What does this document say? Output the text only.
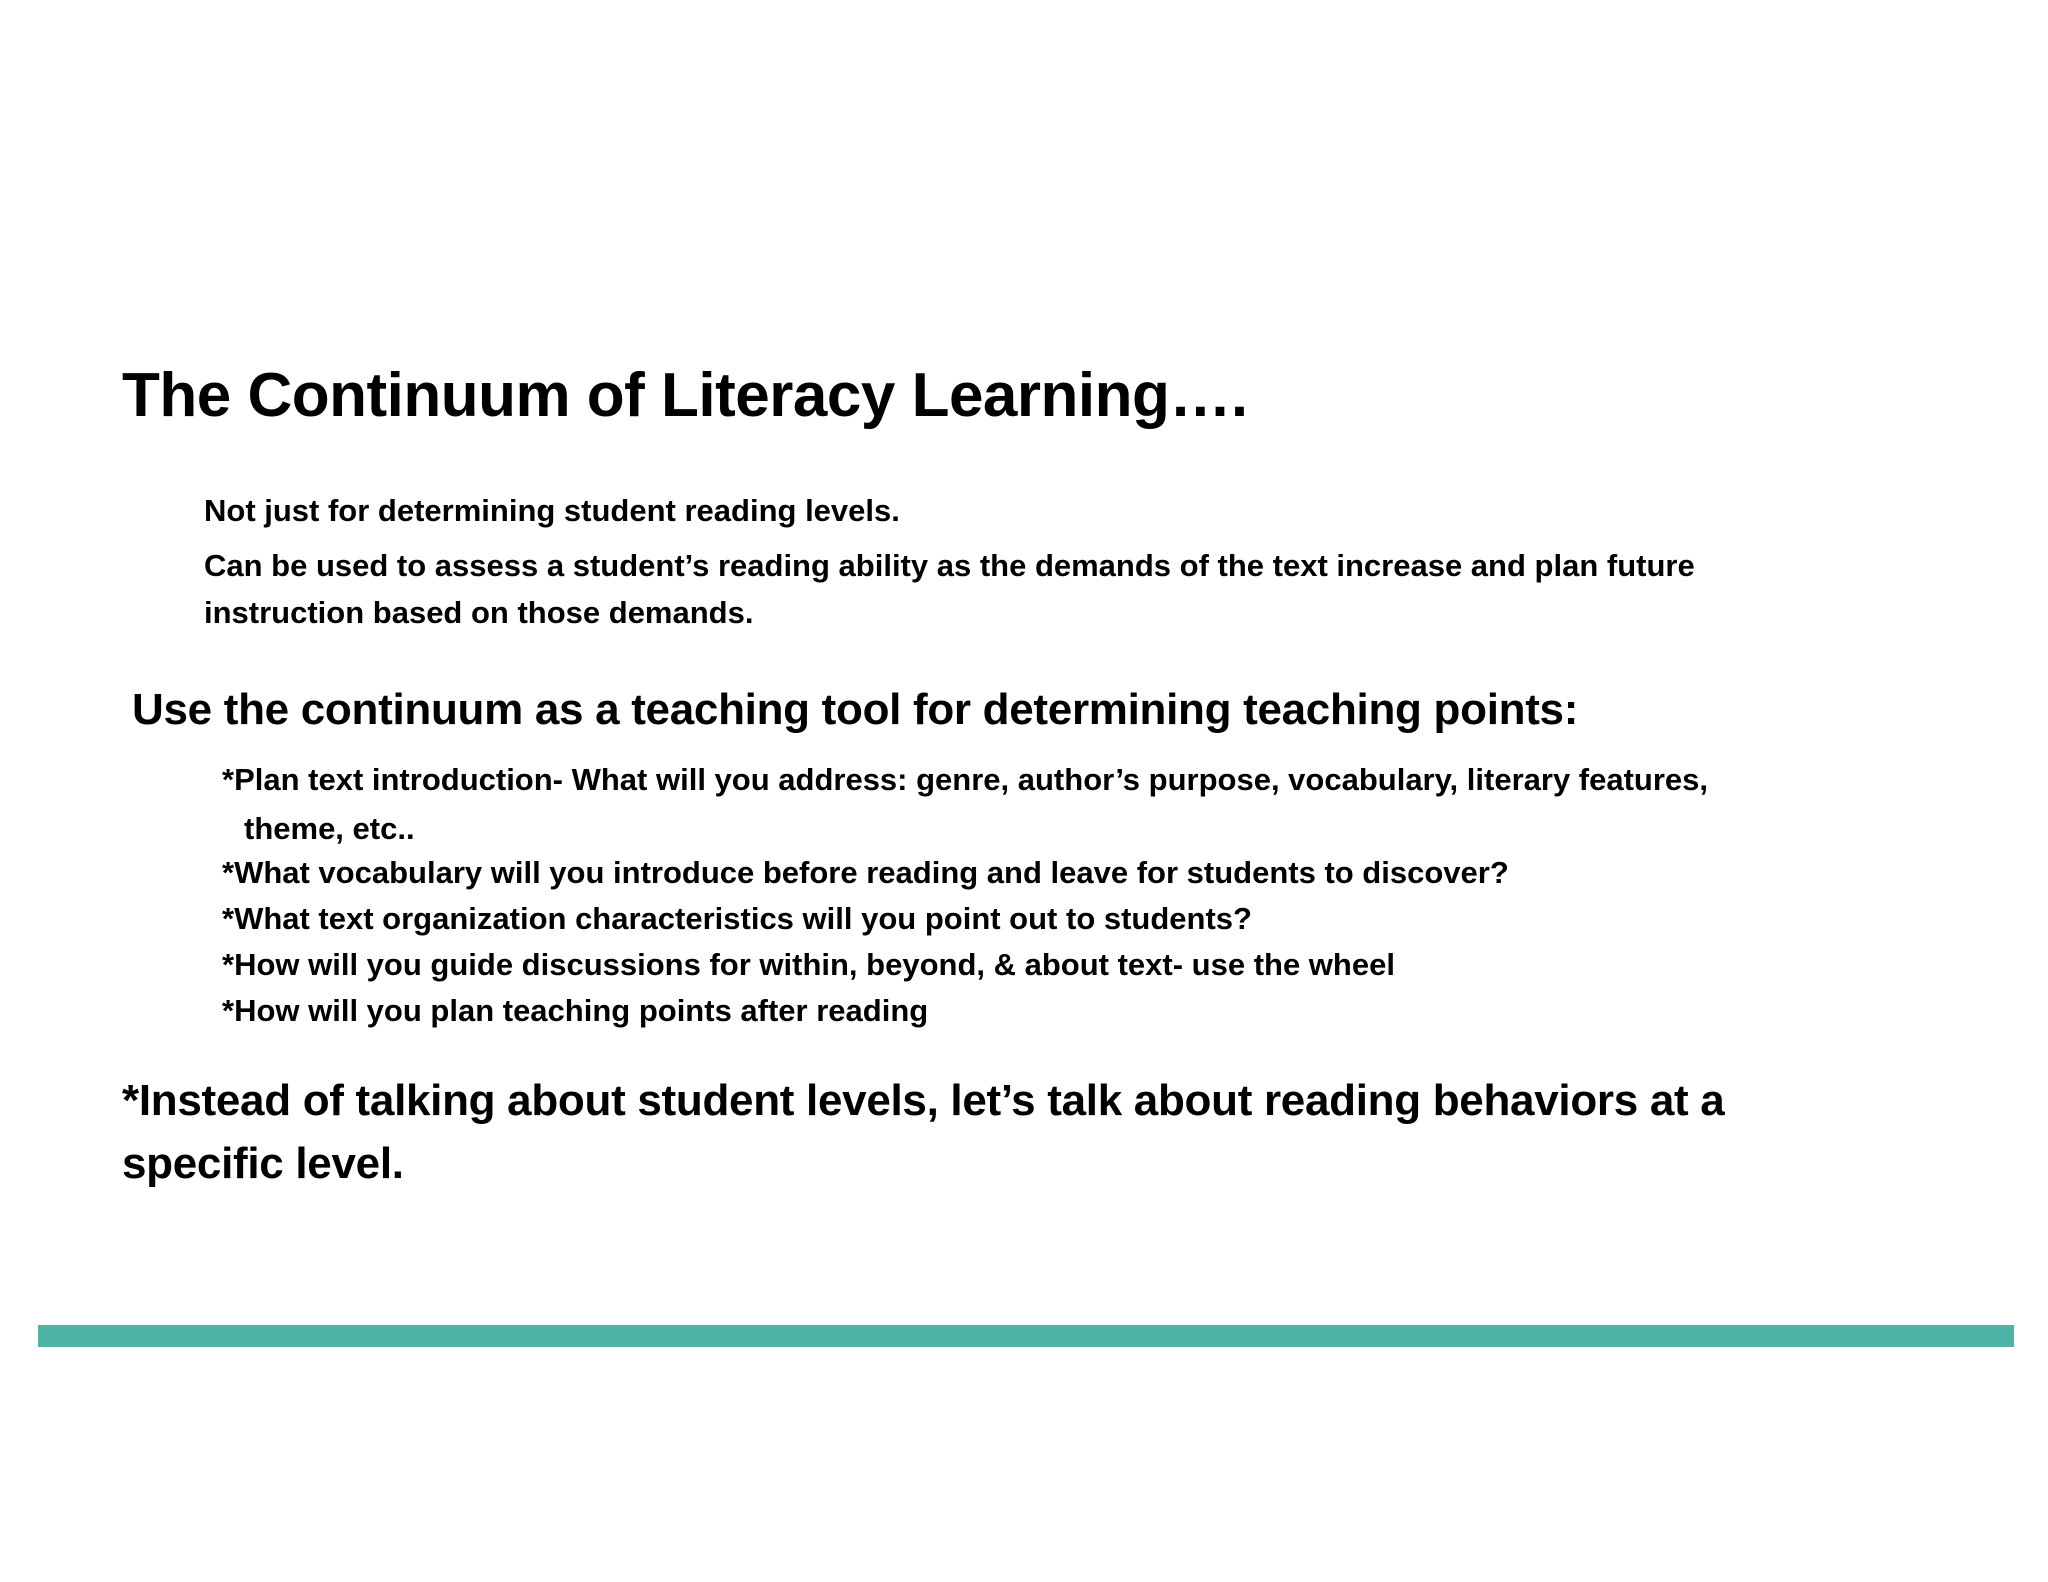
The Continuum of Literacy Learning….
Not just for determining student reading levels.
Can be used to assess a student’s reading ability as the demands of the text increase and plan future
instruction based on those demands.
Use the continuum as a teaching tool for determining teaching points:
*Plan text introduction- What will you address: genre, author’s purpose, vocabulary, literary features,
theme, etc..
*What vocabulary will you introduce before reading and leave for students to discover?
*What text organization characteristics will you point out to students?
*How will you guide discussions for within, beyond, & about text- use the wheel
*How will you plan teaching points after reading
*Instead of talking about student levels, let’s talk about reading behaviors at a
specific level.
